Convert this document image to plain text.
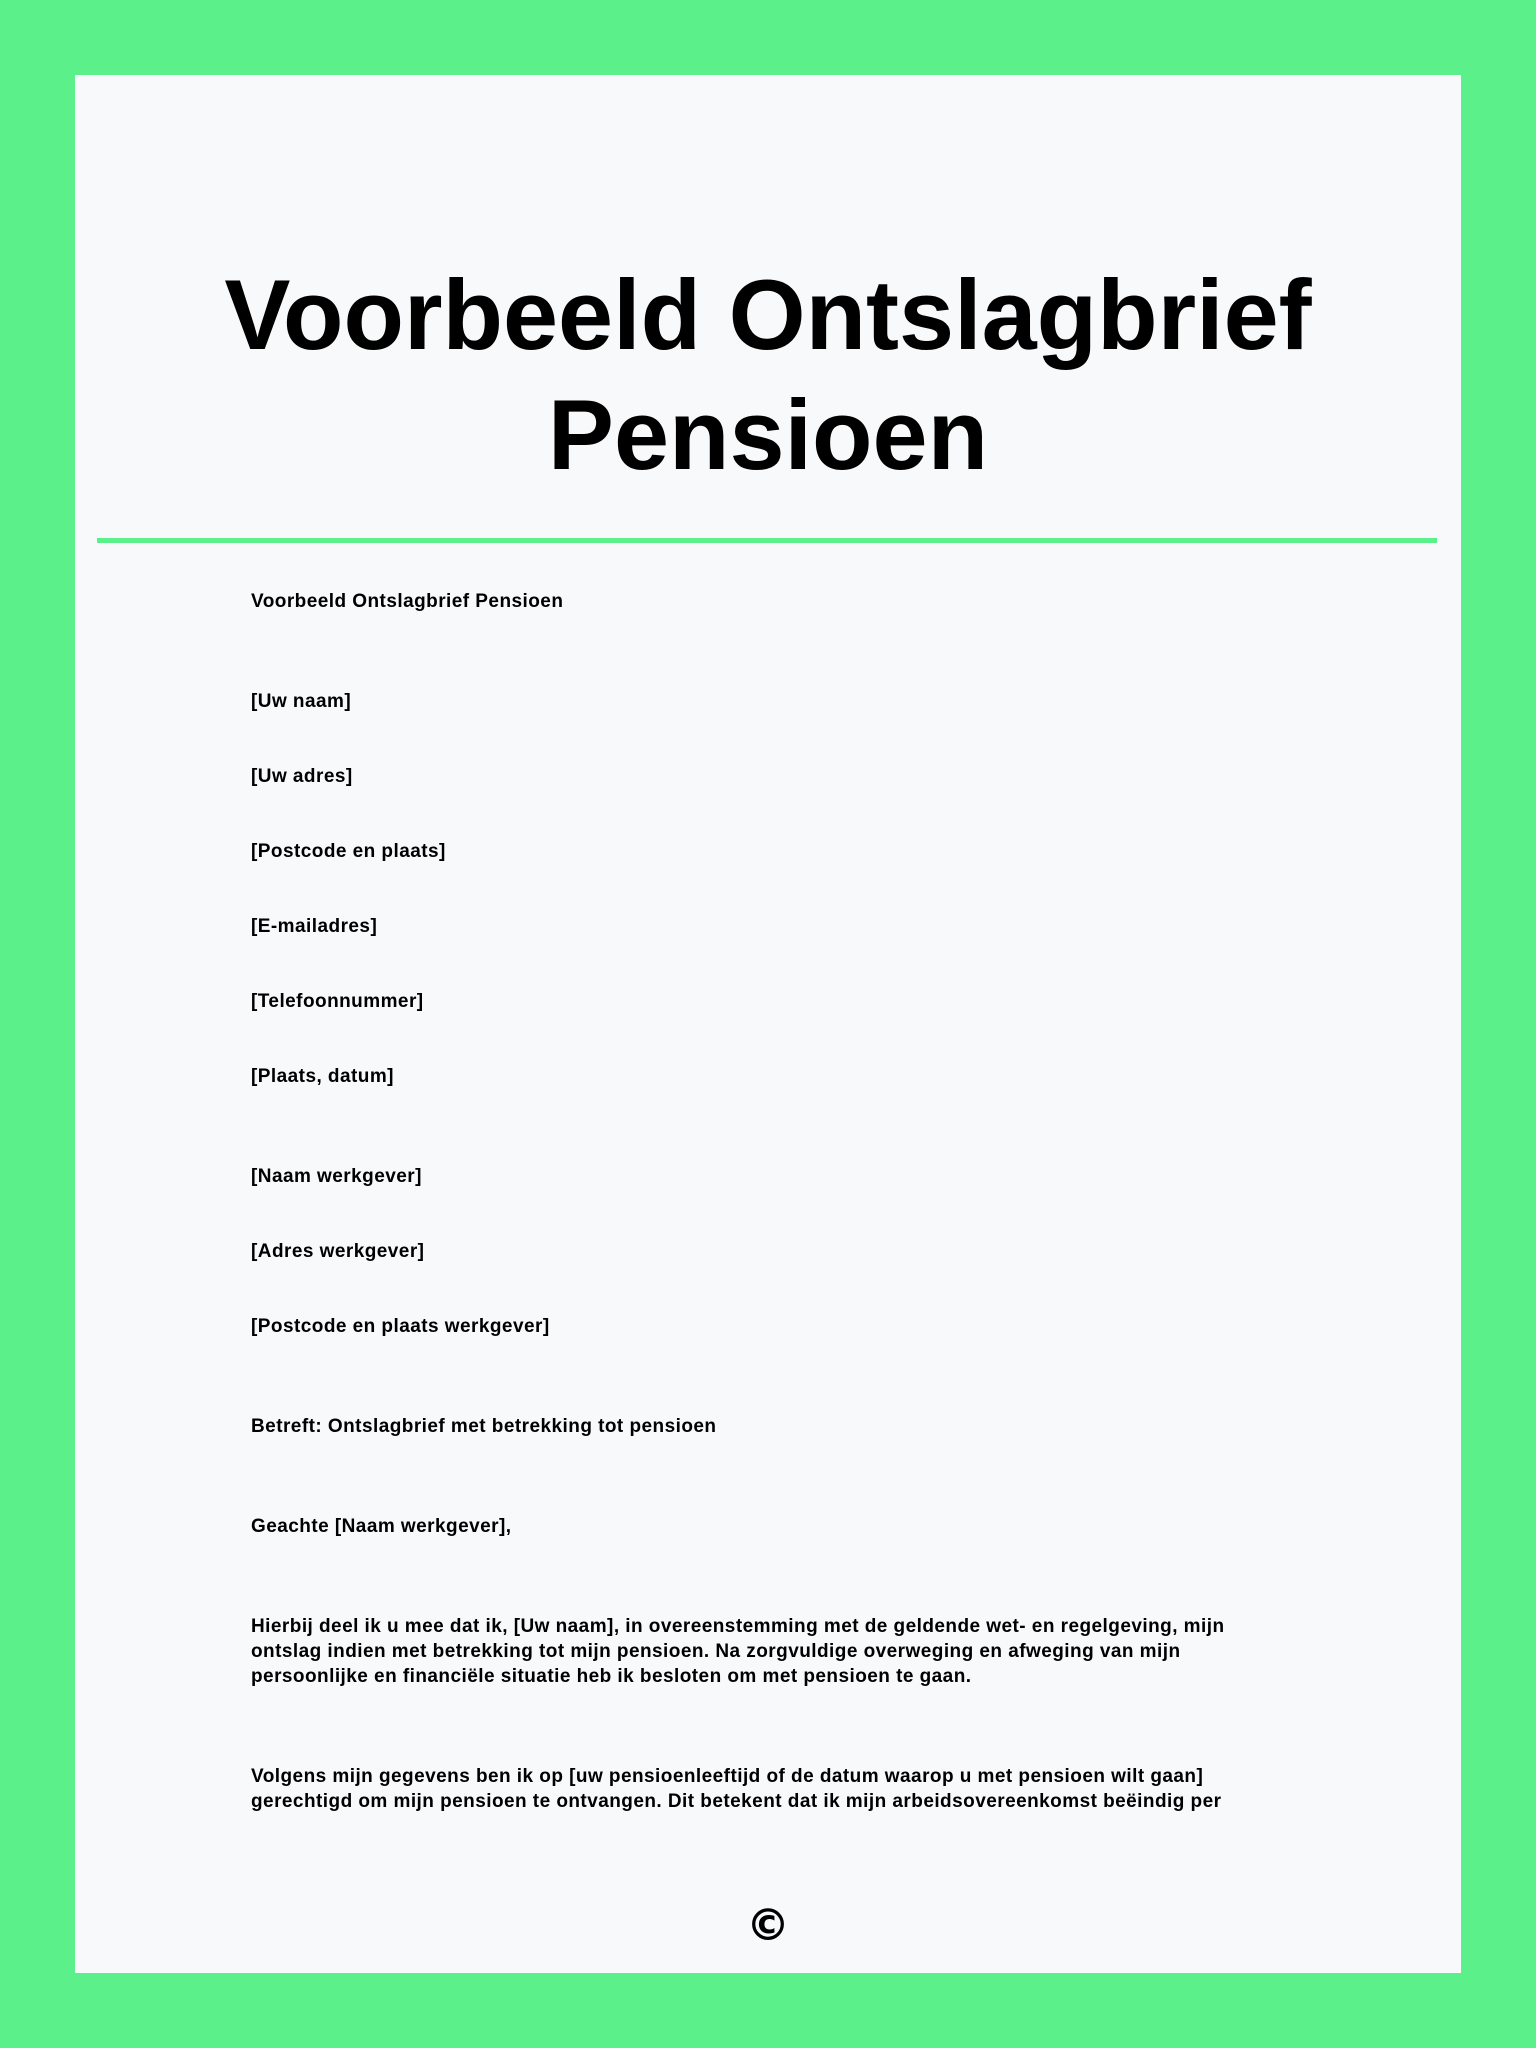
Voorbeeld Ontslagbrief
Pensioen

Voorbeeld Ontslagbrief Pensioen

[Uw naam]

[Uw adres]

[Postcode en plaats]

[E-mailadres]

[Telefoonnummer]

[Plaats, datum]

[Naam werkgever]

[Adres werkgever]

[Postcode en plaats werkgever]

Betreft: Ontslagbrief met betrekking tot pensioen

Geachte [Naam werkgever],

Hierbij deel ik u mee dat ik, [Uw naam], in overeenstemming met de geldende wet- en regelgeving, mijn
ontslag indien met betrekking tot mijn pensioen. Na zorgvuldige overweging en afweging van mijn
persoonlijke en financiële situatie heb ik besloten om met pensioen te gaan.
Volgens mijn gegevens ben ik op [uw pensioenleeftijd of de datum waarop u met pensioen wilt gaan]
gerechtigd om mijn pensioen te ontvangen. Dit betekent dat ik mijn arbeidsovereenkomst beëindig per
©
